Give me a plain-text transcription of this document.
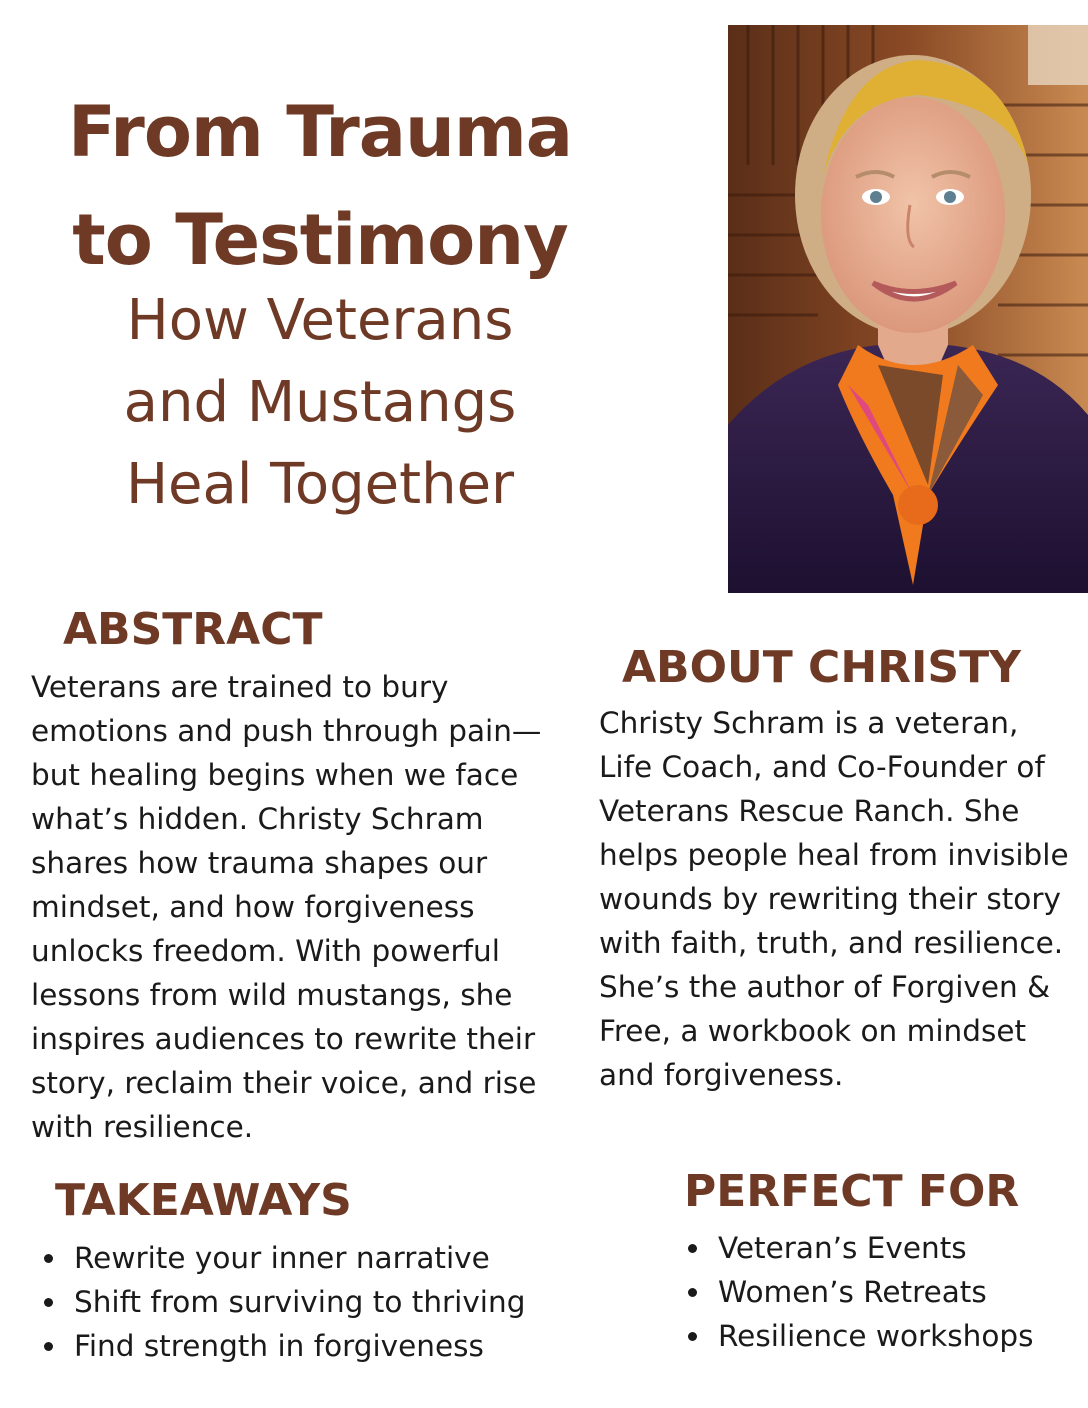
From Trauma
to Testimony
How Veterans
and Mustangs
Heal Together
ABSTRACT
Veterans are trained to bury
emotions and push through pain—
but healing begins when we face
what’s hidden. Christy Schram
shares how trauma shapes our
mindset, and how forgiveness
unlocks freedom. With powerful
lessons from wild mustangs, she
inspires audiences to rewrite their
story, reclaim their voice, and rise
with resilience.
ABOUT CHRISTY
Christy Schram is a veteran,
Life Coach, and Co-Founder of
Veterans Rescue Ranch. She
helps people heal from invisible
wounds by rewriting their story
with faith, truth, and resilience.
She’s the author of Forgiven &
Free, a workbook on mindset
and forgiveness.
TAKEAWAYS
Rewrite your inner narrative
Shift from surviving to thriving
Find strength in forgiveness
PERFECT FOR
Veteran’s Events
Women’s Retreats
Resilience workshops
